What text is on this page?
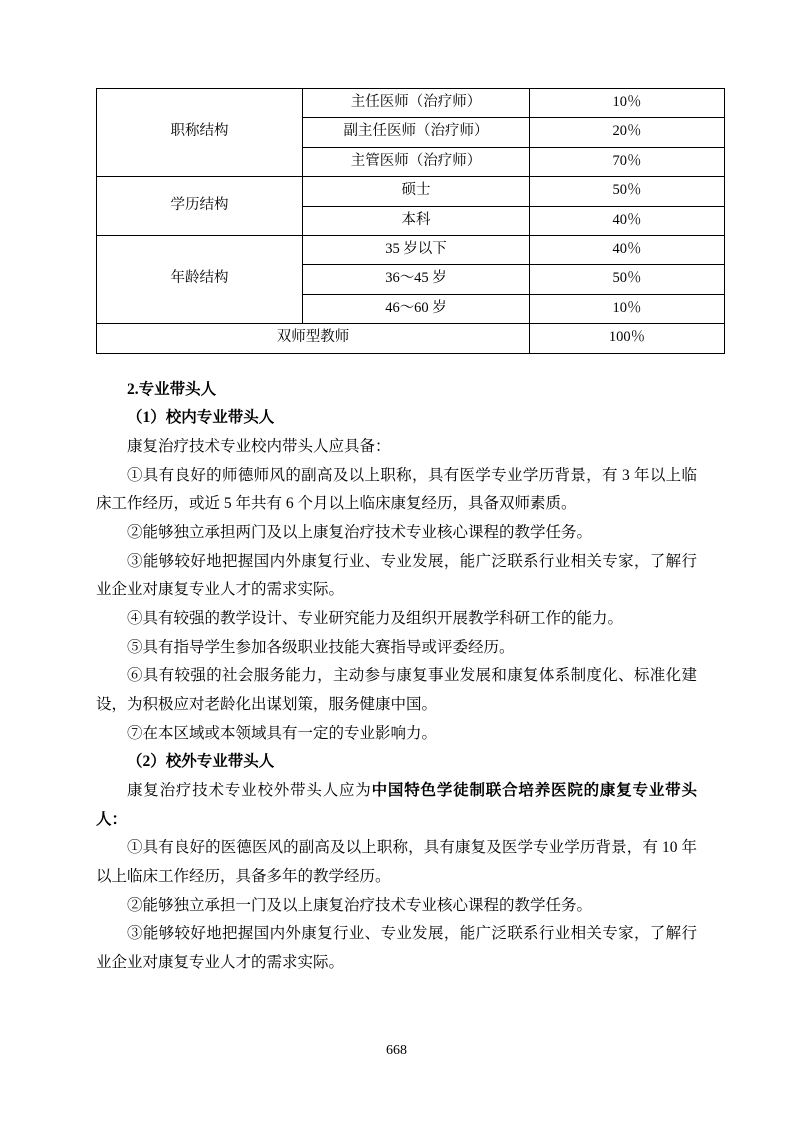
职称结构	主任医师（治疗师）	10％
	副主任医师（治疗师）	20％
	主管医师（治疗师）	70％
学历结构	硕士	50％
	本科	40％
年龄结构	35 岁以下	40％
	36～45 岁	50％
	46～60 岁	10％
双师型教师		100％

2.专业带头人

（1）校内专业带头人

康复治疗技术专业校内带头人应具备：

①具有良好的师德师风的副高及以上职称，具有医学专业学历背景，有 3 年以上临床工作经历，或近 5 年共有 6 个月以上临床康复经历，具备双师素质。

②能够独立承担两门及以上康复治疗技术专业核心课程的教学任务。

③能够较好地把握国内外康复行业、专业发展，能广泛联系行业相关专家，了解行业企业对康复专业人才的需求实际。

④具有较强的教学设计、专业研究能力及组织开展教学科研工作的能力。

⑤具有指导学生参加各级职业技能大赛指导或评委经历。

⑥具有较强的社会服务能力，主动参与康复事业发展和康复体系制度化、标准化建设，为积极应对老龄化出谋划策，服务健康中国。

⑦在本区域或本领域具有一定的专业影响力。

（2）校外专业带头人

康复治疗技术专业校外带头人应为中国特色学徒制联合培养医院的康复专业带头人：

①具有良好的医德医风的副高及以上职称，具有康复及医学专业学历背景，有 10 年以上临床工作经历，具备多年的教学经历。

②能够独立承担一门及以上康复治疗技术专业核心课程的教学任务。

③能够较好地把握国内外康复行业、专业发展，能广泛联系行业相关专家，了解行业企业对康复专业人才的需求实际。

668
